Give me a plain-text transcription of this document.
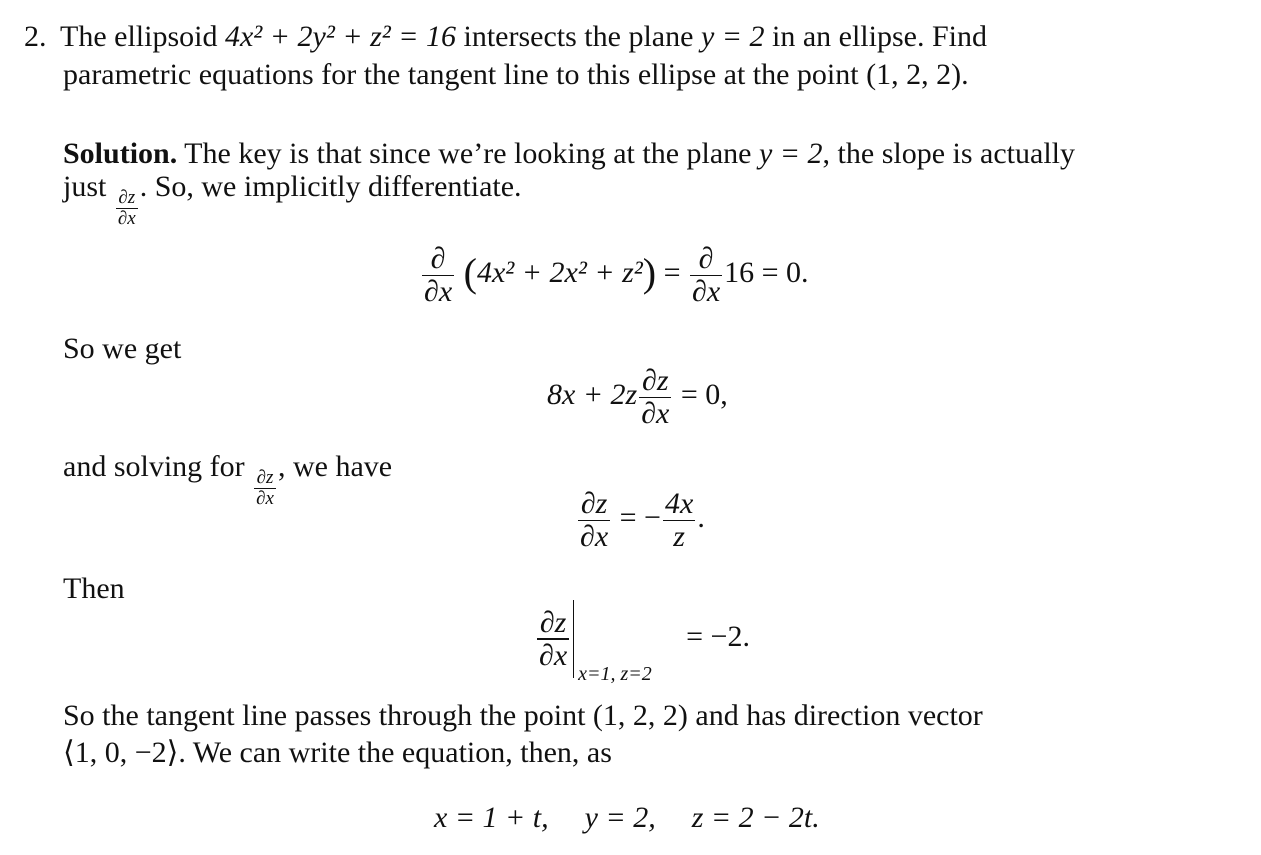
2. The ellipsoid 4x² + 2y² + z² = 16 intersects the plane y = 2 in an ellipse. Find
parametric equations for the tangent line to this ellipse at the point (1, 2, 2).
Solution. The key is that since we’re looking at the plane y = 2, the slope is actually
just
$\frac{\partial z}{\partial x}$
. So, we implicitly differentiate.
$\frac{\partial}{\partial x} (4x^2 + 2x^2 + z^2) = \frac{\partial}{\partial x} 16 = 0$.
So we get
$8x + 2z \frac{\partial z}{\partial x} = 0$,
and solving for
$\frac{\partial z}{\partial x}$
, we have
$\frac{\partial z}{\partial x}$ = − $\frac{4x}{z}$ .
Then
$\frac{\partial z}{\partial x}$
x=1, z=2
= −2.
So the tangent line passes through the point (1, 2, 2) and has direction vector
⟨1, 0, −2⟩. We can write the equation, then, as
x = 1 + t, y = 2, z = 2 − 2t.
